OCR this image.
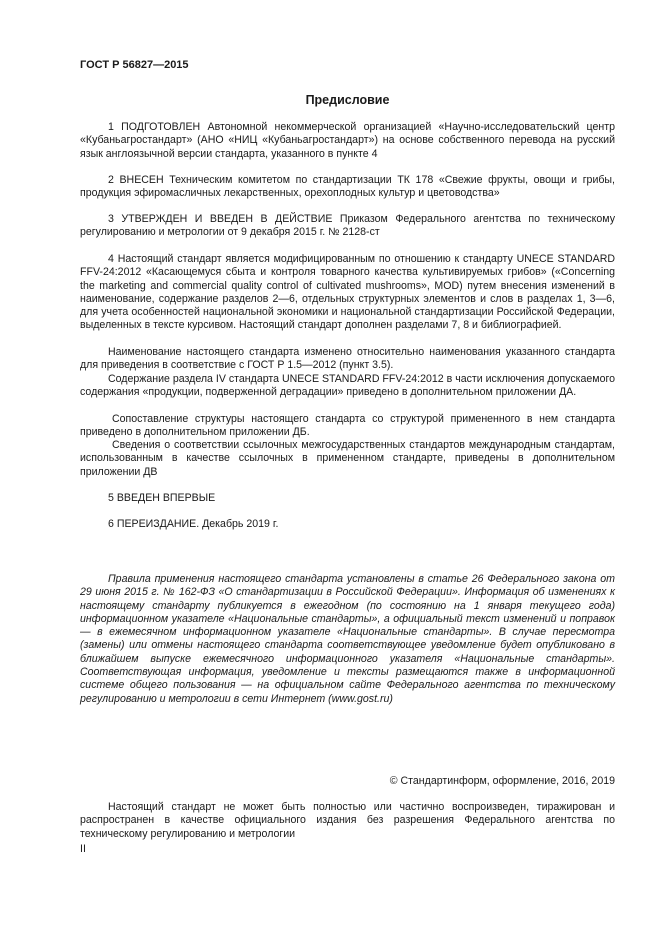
ГОСТ Р 56827—2015
Предисловие
1 ПОДГОТОВЛЕН Автономной некоммерческой организацией «Научно-исследовательский центр «Кубаньагростандарт» (АНО «НИЦ «Кубаньагростандарт») на основе собственного перевода на русский язык англоязычной версии стандарта, указанного в пункте 4
2 ВНЕСЕН Техническим комитетом по стандартизации ТК 178 «Свежие фрукты, овощи и грибы, продукция эфиромасличных лекарственных, орехоплодных культур и цветоводства»
3 УТВЕРЖДЕН И ВВЕДЕН В ДЕЙСТВИЕ Приказом Федерального агентства по техническому регулированию и метрологии от 9 декабря 2015 г. № 2128-ст
4 Настоящий стандарт является модифицированным по отношению к стандарту UNECE STANDARD FFV-24:2012 «Касающемуся сбыта и контроля товарного качества культивируемых грибов» («Concerning the marketing and commercial quality control of cultivated mushrooms», MOD) путем внесения изменений в наименование, содержание разделов 2—6, отдельных структурных элементов и слов в разделах 1, 3—6, для учета особенностей национальной экономики и национальной стандартизации Российской Федерации, выделенных в тексте курсивом. Настоящий стандарт дополнен разделами 7, 8 и библиографией.
Наименование настоящего стандарта изменено относительно наименования указанного стандарта для приведения в соответствие с ГОСТ Р 1.5—2012 (пункт 3.5).
Содержание раздела IV стандарта UNECE STANDARD FFV-24:2012 в части исключения допускаемого содержания «продукции, подверженной деградации» приведено в дополнительном приложении ДА.
Сопоставление структуры настоящего стандарта со структурой примененного в нем стандарта приведено в дополнительном приложении ДБ.
Сведения о соответствии ссылочных межгосударственных стандартов международным стандартам, использованным в качестве ссылочных в примененном стандарте, приведены в дополнительном приложении ДВ
5 ВВЕДЕН ВПЕРВЫЕ
6 ПЕРЕИЗДАНИЕ. Декабрь 2019 г.
Правила применения настоящего стандарта установлены в статье 26 Федерального закона от 29 июня 2015 г. № 162-ФЗ «О стандартизации в Российской Федерации». Информация об изменениях к настоящему стандарту публикуется в ежегодном (по состоянию на 1 января текущего года) информационном указателе «Национальные стандарты», а официальный текст изменений и поправок — в ежемесячном информационном указателе «Национальные стандарты». В случае пересмотра (замены) или отмены настоящего стандарта соответствующее уведомление будет опубликовано в ближайшем выпуске ежемесячного информационного указателя «Национальные стандарты». Соответствующая информация, уведомление и тексты размещаются также в информационной системе общего пользования — на официальном сайте Федерального агентства по техническому регулированию и метрологии в сети Интернет (www.gost.ru)
© Стандартинформ, оформление, 2016, 2019
Настоящий стандарт не может быть полностью или частично воспроизведен, тиражирован и распространен в качестве официального издания без разрешения Федерального агентства по техническому регулированию и метрологии
II
